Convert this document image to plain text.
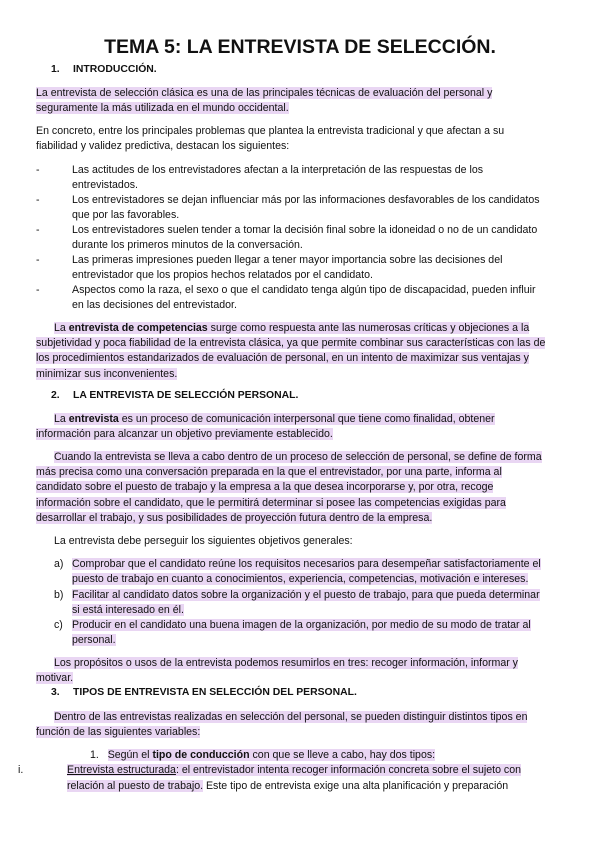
TEMA 5: LA ENTREVISTA DE SELECCIÓN.
1. INTRODUCCIÓN.

La entrevista de selección clásica es una de las principales técnicas de evaluación del personal y seguramente la más utilizada en el mundo occidental.

En concreto, entre los principales problemas que plantea la entrevista tradicional y que afectan a su fiabilidad y validez predictiva, destacan los siguientes:

-	Las actitudes de los entrevistadores afectan a la interpretación de las respuestas de los entrevistados.
-	Los entrevistadores se dejan influenciar más por las informaciones desfavorables de los candidatos que por las favorables.
-	Los entrevistadores suelen tender a tomar la decisión final sobre la idoneidad o no de un candidato durante los primeros minutos de la conversación.
-	Las primeras impresiones pueden llegar a tener mayor importancia sobre las decisiones del entrevistador que los propios hechos relatados por el candidato.
-	Aspectos como la raza, el sexo o que el candidato tenga algún tipo de discapacidad, pueden influir en las decisiones del entrevistador.

La entrevista de competencias surge como respuesta ante las numerosas críticas y objeciones a la subjetividad y poca fiabilidad de la entrevista clásica, ya que permite combinar sus características con las de los procedimientos estandarizados de evaluación de personal, en un intento de maximizar sus ventajas y minimizar sus inconvenientes.

2. LA ENTREVISTA DE SELECCIÓN PERSONAL.

La entrevista es un proceso de comunicación interpersonal que tiene como finalidad, obtener información para alcanzar un objetivo previamente establecido.

Cuando la entrevista se lleva a cabo dentro de un proceso de selección de personal, se define de forma más precisa como una conversación preparada en la que el entrevistador, por una parte, informa al candidato sobre el puesto de trabajo y la empresa a la que desea incorporarse y, por otra, recoge información sobre el candidato, que le permitirá determinar si posee las competencias exigidas para desarrollar el trabajo, y sus posibilidades de proyección futura dentro de la empresa.

La entrevista debe perseguir los siguientes objetivos generales:

a) Comprobar que el candidato reúne los requisitos necesarios para desempeñar satisfactoriamente el puesto de trabajo en cuanto a conocimientos, experiencia, competencias, motivación e intereses.
b) Facilitar al candidato datos sobre la organización y el puesto de trabajo, para que pueda determinar si está interesado en él.
c) Producir en el candidato una buena imagen de la organización, por medio de su modo de tratar al personal.

Los propósitos o usos de la entrevista podemos resumirlos en tres: recoger información, informar y motivar.

3. TIPOS DE ENTREVISTA EN SELECCIÓN DEL PERSONAL.

Dentro de las entrevistas realizadas en selección del personal, se pueden distinguir distintos tipos en función de las siguientes variables:

1. Según el tipo de conducción con que se lleve a cabo, hay dos tipos:
i.	Entrevista estructurada: el entrevistador intenta recoger información concreta sobre el sujeto con relación al puesto de trabajo. Este tipo de entrevista exige una alta planificación y preparación
